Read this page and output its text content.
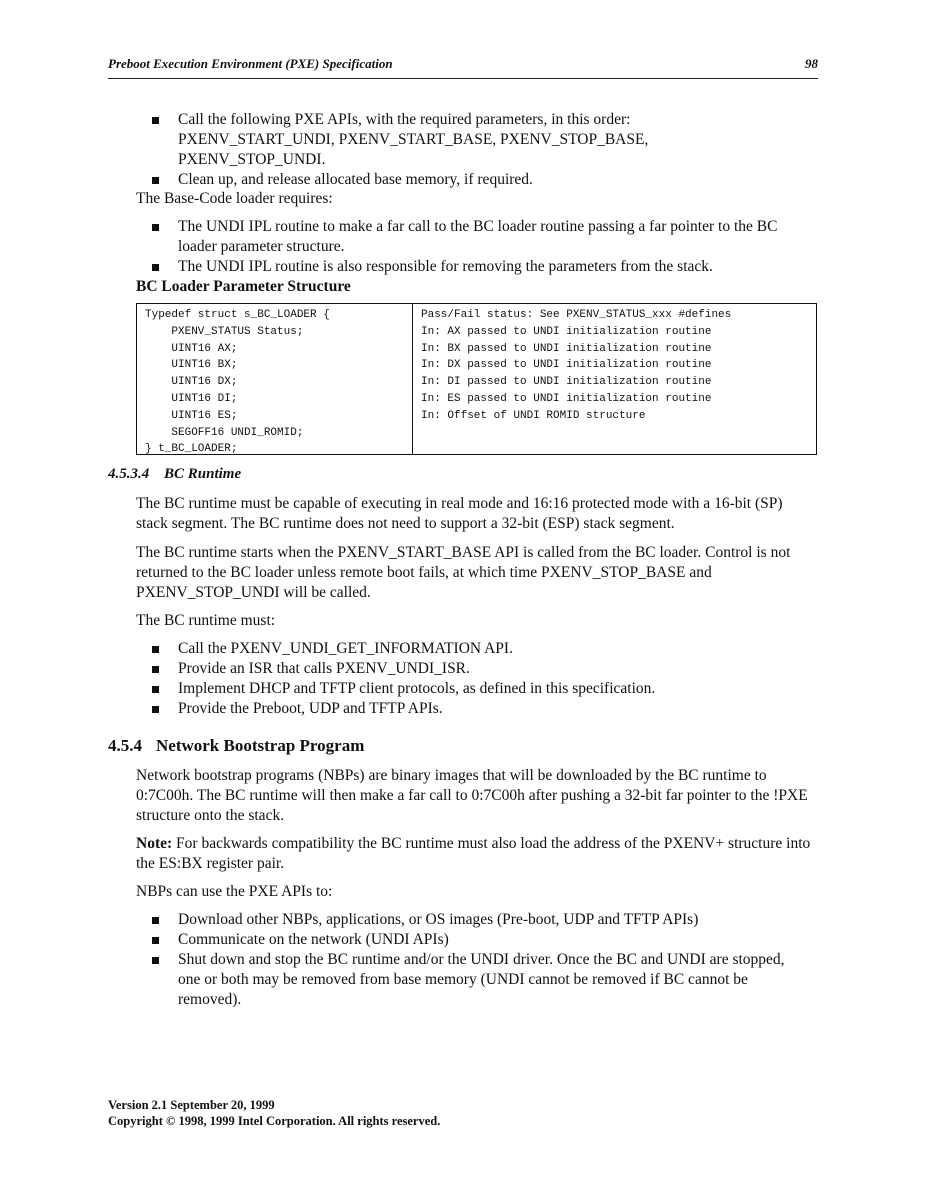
Preboot Execution Environment (PXE) Specification	98
Call the following PXE APIs, with the required parameters, in this order: PXENV_START_UNDI, PXENV_START_BASE, PXENV_STOP_BASE, PXENV_STOP_UNDI.
Clean up, and release allocated base memory, if required.
The Base-Code loader requires:
The UNDI IPL routine to make a far call to the BC loader routine passing a far pointer to the BC loader parameter structure.
The UNDI IPL routine is also responsible for removing the parameters from the stack.
BC Loader Parameter Structure
Typedef struct s_BC_LOADER {
PXENV_STATUS Status;
UINT16 AX;
UINT16 BX;
UINT16 DX;
UINT16 DI;
UINT16 ES;
SEGOFF16 UNDI_ROMID;
} t_BC_LOADER;
Pass/Fail status: See PXENV_STATUS_xxx #defines
In: AX passed to UNDI initialization routine
In: BX passed to UNDI initialization routine
In: DX passed to UNDI initialization routine
In: DI passed to UNDI initialization routine
In: ES passed to UNDI initialization routine
In: Offset of UNDI ROMID structure
4.5.3.4 BC Runtime
The BC runtime must be capable of executing in real mode and 16:16 protected mode with a 16-bit (SP) stack segment. The BC runtime does not need to support a 32-bit (ESP) stack segment.
The BC runtime starts when the PXENV_START_BASE API is called from the BC loader. Control is not returned to the BC loader unless remote boot fails, at which time PXENV_STOP_BASE and PXENV_STOP_UNDI will be called.
The BC runtime must:
Call the PXENV_UNDI_GET_INFORMATION API.
Provide an ISR that calls PXENV_UNDI_ISR.
Implement DHCP and TFTP client protocols, as defined in this specification.
Provide the Preboot, UDP and TFTP APIs.
4.5.4 Network Bootstrap Program
Network bootstrap programs (NBPs) are binary images that will be downloaded by the BC runtime to 0:7C00h. The BC runtime will then make a far call to 0:7C00h after pushing a 32-bit far pointer to the !PXE structure onto the stack.
Note: For backwards compatibility the BC runtime must also load the address of the PXENV+ structure into the ES:BX register pair.
NBPs can use the PXE APIs to:
Download other NBPs, applications, or OS images (Pre-boot, UDP and TFTP APIs)
Communicate on the network (UNDI APIs)
Shut down and stop the BC runtime and/or the UNDI driver. Once the BC and UNDI are stopped, one or both may be removed from base memory (UNDI cannot be removed if BC cannot be removed).
Version 2.1 September 20, 1999
Copyright © 1998, 1999 Intel Corporation. All rights reserved.
